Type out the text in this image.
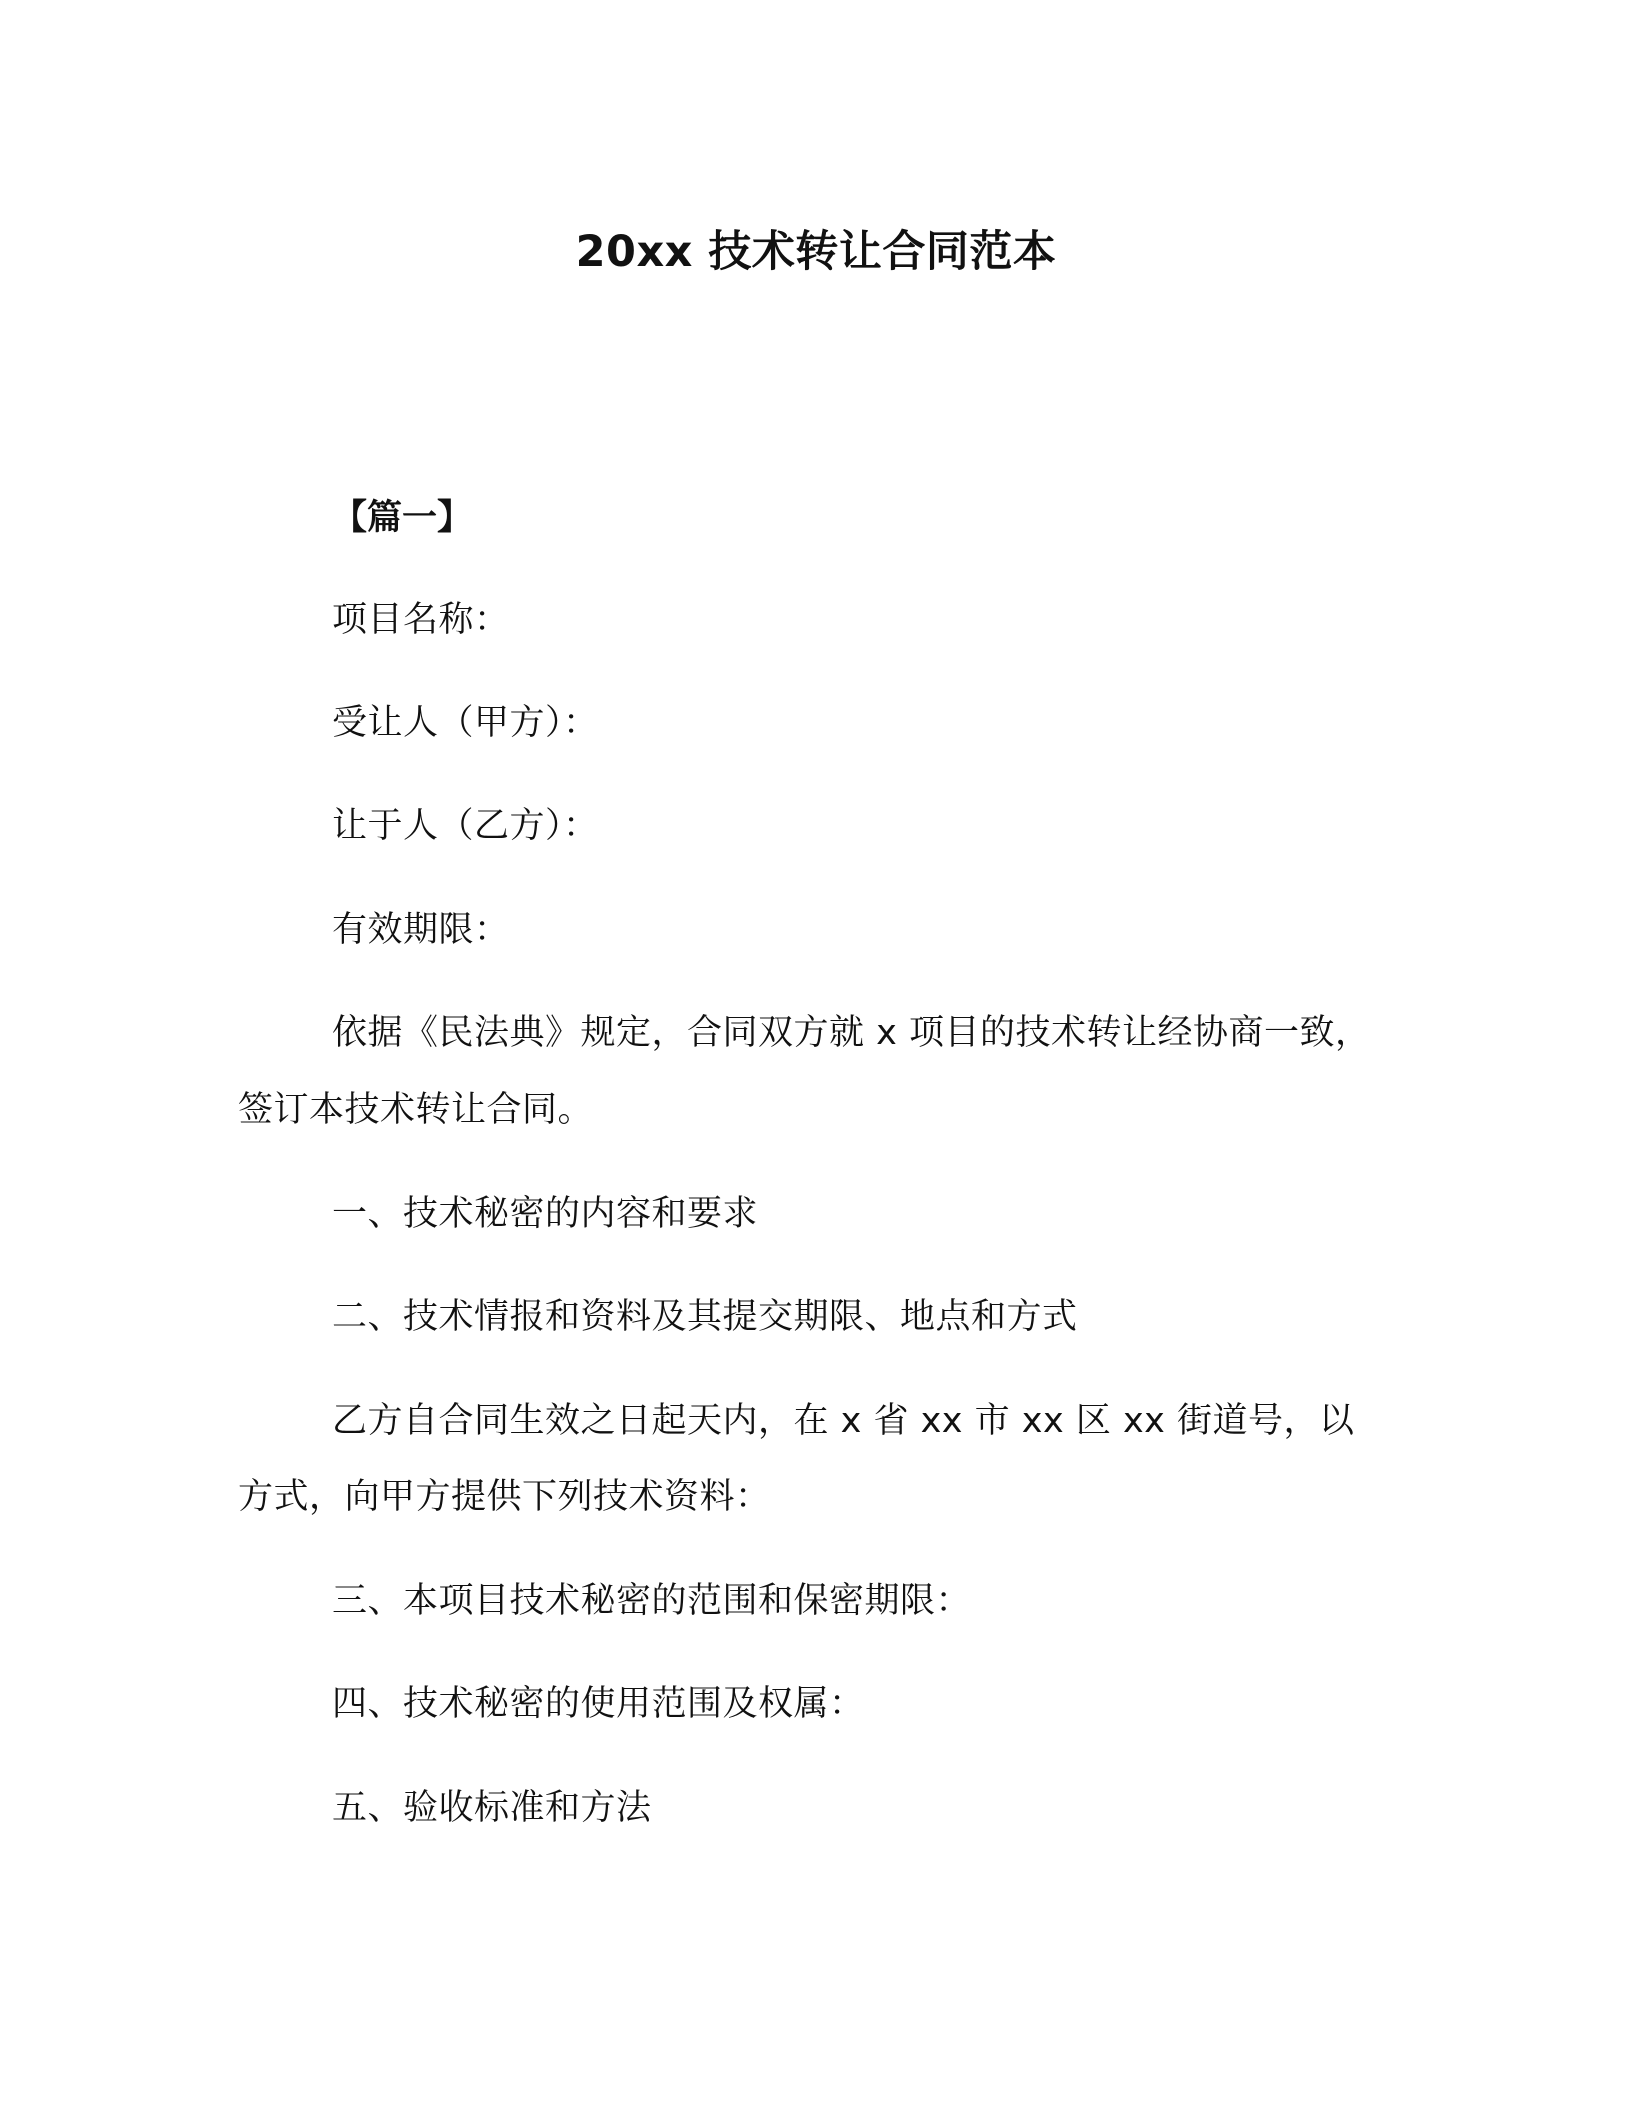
20xx 技术转让合同范本
【篇一】
项目名称：
受让人（甲方）：
让于人（乙方）：
有效期限：
依据《民法典》规定，合同双方就 x 项目的技术转让经协商一致，
签订本技术转让合同。
一、技术秘密的内容和要求
二、技术情报和资料及其提交期限、地点和方式
乙方自合同生效之日起天内，在 x 省 xx 市 xx 区 xx 街道号，以
方式，向甲方提供下列技术资料：
三、本项目技术秘密的范围和保密期限：
四、技术秘密的使用范围及权属：
五、验收标准和方法
